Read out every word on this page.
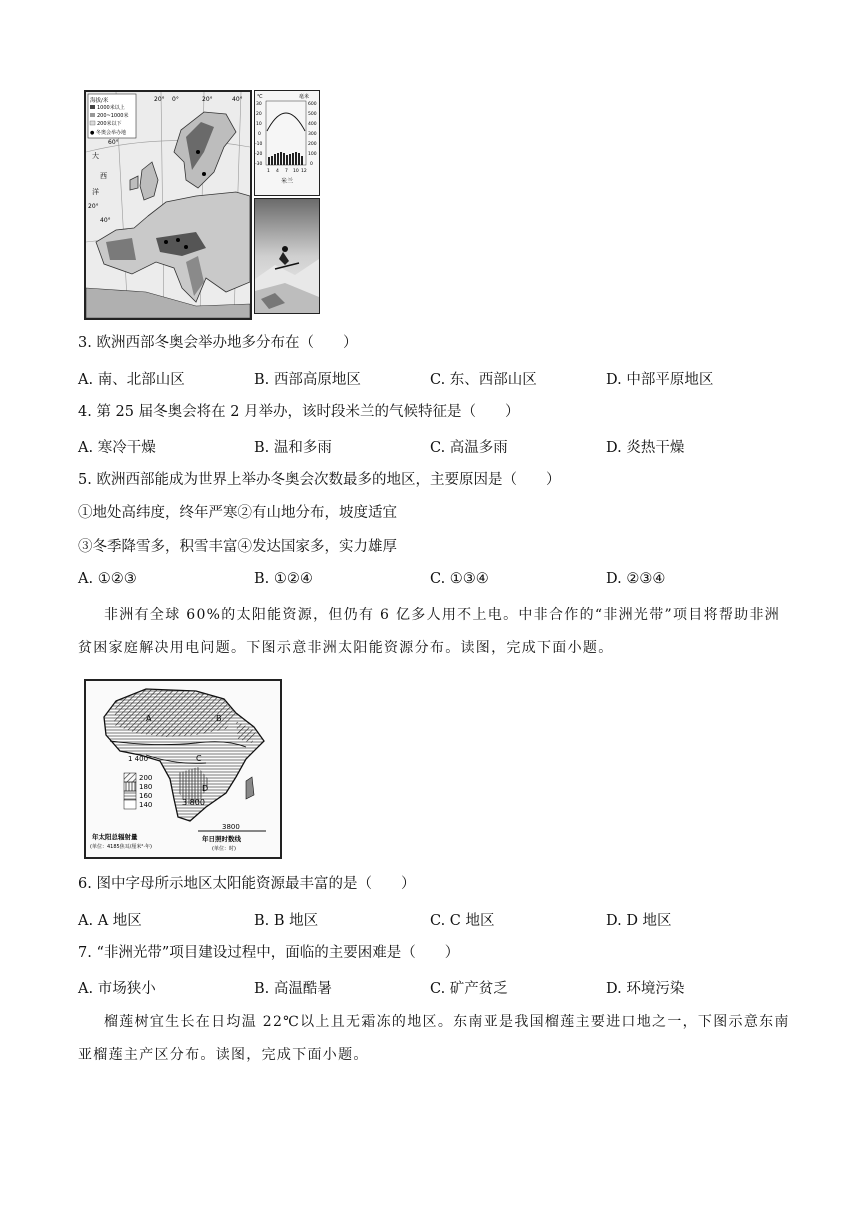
海拔/米
1000米以上
200~1000米
200米以下
● 冬奥会举办地
20° 0°	20°	40°
40°
60°
大
西
洋
20°
℃	毫米
30
20
10
0
-10
-20
-30
600
500
400
300
200
100
0
1 4 7 10 12
米兰
3. 欧洲西部冬奥会举办地多分布在（　　）
A. 南、北部山区	B. 西部高原地区	C. 东、西部山区	D. 中部平原地区
4. 第 25 届冬奥会将在 2 月举办，该时段米兰的气候特征是（　　）
A. 寒冷干燥	B. 温和多雨	C. 高温多雨	D. 炎热干燥
5. 欧洲西部能成为世界上举办冬奥会次数最多的地区，主要原因是（　　）
①地处高纬度，终年严寒②有山地分布，坡度适宜
③冬季降雪多，积雪丰富④发达国家多，实力雄厚
A. ①②③	B. ①②④	C. ①③④	D. ②③④
非洲有全球 60%的太阳能资源，但仍有 6 亿多人用不上电。中非合作的“非洲光带”项目将帮助非洲
贫困家庭解决用电问题。下图示意非洲太阳能资源分布。读图，完成下面小题。
1 400
3 800
A	B
C
D
200
180
160
140
年太阳总辐射量
(单位：4185焦耳/厘米²·年)
3800
年日照时数线
(单位：时)
6. 图中字母所示地区太阳能资源最丰富的是（　　）
A. A 地区	B. B 地区	C. C 地区	D. D 地区
7. “非洲光带”项目建设过程中，面临的主要困难是（　　）
A. 市场狭小	B. 高温酷暑	C. 矿产贫乏	D. 环境污染
榴莲树宜生长在日均温 22℃以上且无霜冻的地区。东南亚是我国榴莲主要进口地之一，下图示意东南
亚榴莲主产区分布。读图，完成下面小题。
